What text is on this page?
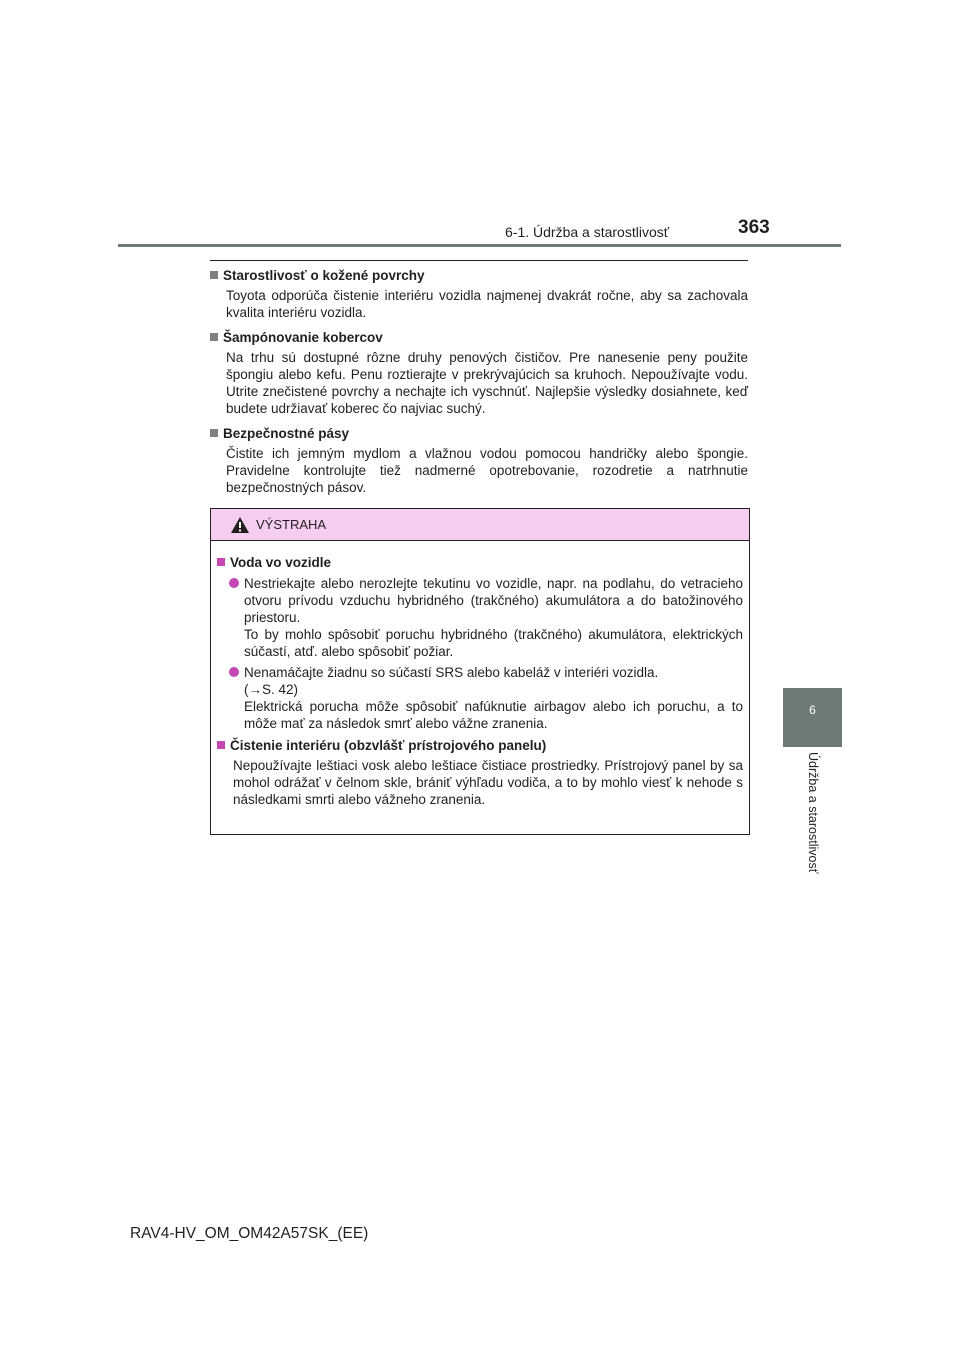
6-1. Údržba a starostlivosť	363
6
Údržba a starostlivosť
Starostlivosť o kožené povrchy
Toyota odporúča čistenie interiéru vozidla najmenej dvakrát ročne, aby sa zachovala kvalita interiéru vozidla.
Šampónovanie kobercov
Na trhu sú dostupné rôzne druhy penových čističov. Pre nanesenie peny použite špongiu alebo kefu. Penu roztierajte v prekrývajúcich sa kruhoch. Nepoužívajte vodu. Utrite znečistené povrchy a nechajte ich vyschnúť. Najlepšie výsledky dosiahnete, keď budete udržiavať koberec čo najviac suchý.
Bezpečnostné pásy
Čistite ich jemným mydlom a vlažnou vodou pomocou handričky alebo špongie. Pravidelne kontrolujte tiež nadmerné opotrebovanie, rozodretie a natrhnutie bezpečnostných pásov.
VÝSTRAHA
Voda vo vozidle
Nestriekajte alebo nerozlejte tekutinu vo vozidle, napr. na podlahu, do vetracieho otvoru prívodu vzduchu hybridného (trakčného) akumulátora a do batožinového priestoru.
To by mohlo spôsobiť poruchu hybridného (trakčného) akumulátora, elektrických súčastí, atď. alebo spôsobiť požiar.
Nenamáčajte žiadnu so súčastí SRS alebo kabeláž v interiéri vozidla.
(→S. 42)
Elektrická porucha môže spôsobiť nafúknutie airbagov alebo ich poruchu, a to môže mať za následok smrť alebo vážne zranenia.
Čistenie interiéru (obzvlášť prístrojového panelu)
Nepoužívajte leštiaci vosk alebo leštiace čistiace prostriedky. Prístrojový panel by sa mohol odrážať v čelnom skle, brániť výhľadu vodiča, a to by mohlo viesť k nehode s následkami smrti alebo vážneho zranenia.
RAV4-HV_OM_OM42A57SK_(EE)
